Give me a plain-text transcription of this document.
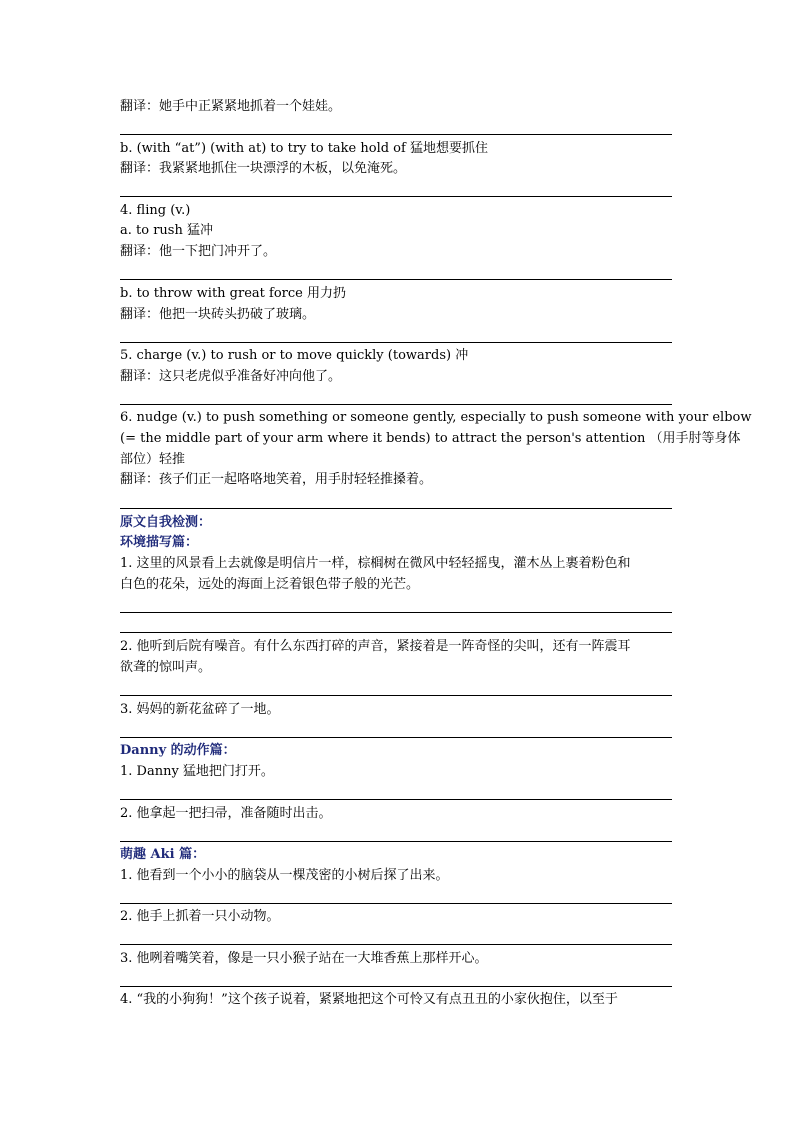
翻译：她手中正紧紧地抓着一个娃娃。
b. (with “at”) (with at) to try to take hold of 猛地想要抓住
翻译：我紧紧地抓住一块漂浮的木板，以免淹死。
4. fling (v.)
a. to rush 猛冲
翻译：他一下把门冲开了。
b. to throw with great force 用力扔
翻译：他把一块砖头扔破了玻璃。
5. charge (v.) to rush or to move quickly (towards) 冲
翻译：这只老虎似乎准备好冲向他了。
6. nudge (v.) to push something or someone gently, especially to push someone with your elbow
(= the middle part of your arm where it bends) to attract the person's attention （用手肘等身体
部位）轻推
翻译：孩子们正一起咯咯地笑着，用手肘轻轻推搡着。
原文自我检测：
环境描写篇：
1. 这里的风景看上去就像是明信片一样，棕榈树在微风中轻轻摇曳，灌木丛上裹着粉色和
白色的花朵，远处的海面上泛着银色带子般的光芒。
2. 他听到后院有噪音。有什么东西打碎的声音，紧接着是一阵奇怪的尖叫，还有一阵震耳
欲聋的惊叫声。
3. 妈妈的新花盆碎了一地。
Danny 的动作篇：
1. Danny 猛地把门打开。
2. 他拿起一把扫帚，准备随时出击。
萌趣 Aki 篇：
1. 他看到一个小小的脑袋从一棵茂密的小树后探了出来。
2. 他手上抓着一只小动物。
3. 他咧着嘴笑着，像是一只小猴子站在一大堆香蕉上那样开心。
4. “我的小狗狗！”这个孩子说着，紧紧地把这个可怜又有点丑丑的小家伙抱住，以至于
